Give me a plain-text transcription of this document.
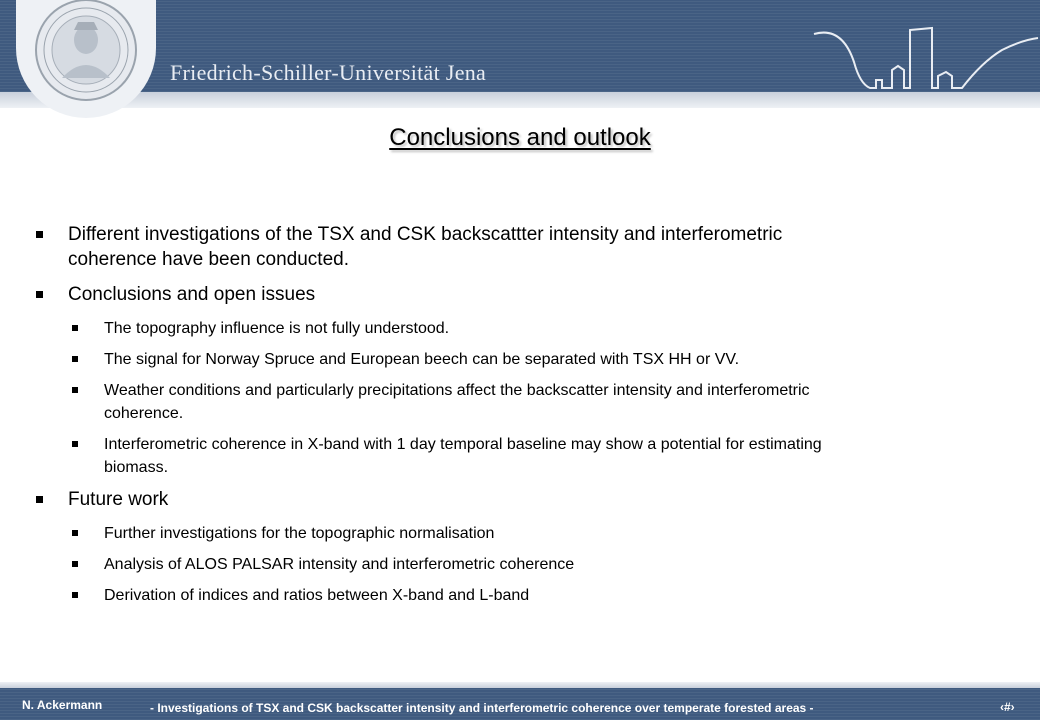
Friedrich-Schiller-Universität Jena
Conclusions and outlook
Different investigations of the TSX and CSK backscattter intensity and interferometric coherence have been conducted.
Conclusions and open issues
The topography influence is not fully understood.
The signal for Norway Spruce and European beech can be separated with TSX HH or VV.
Weather conditions and particularly precipitations affect the backscatter intensity and interferometric coherence.
Interferometric coherence in X-band with 1 day temporal baseline may show a potential for estimating biomass.
Future work
Further investigations for the topographic normalisation
Analysis of ALOS PALSAR intensity and interferometric coherence
Derivation of indices and ratios between X-band and L-band
N. Ackermann	- Investigations of TSX and CSK backscatter intensity and interferometric coherence over temperate forested areas -	‹#›
